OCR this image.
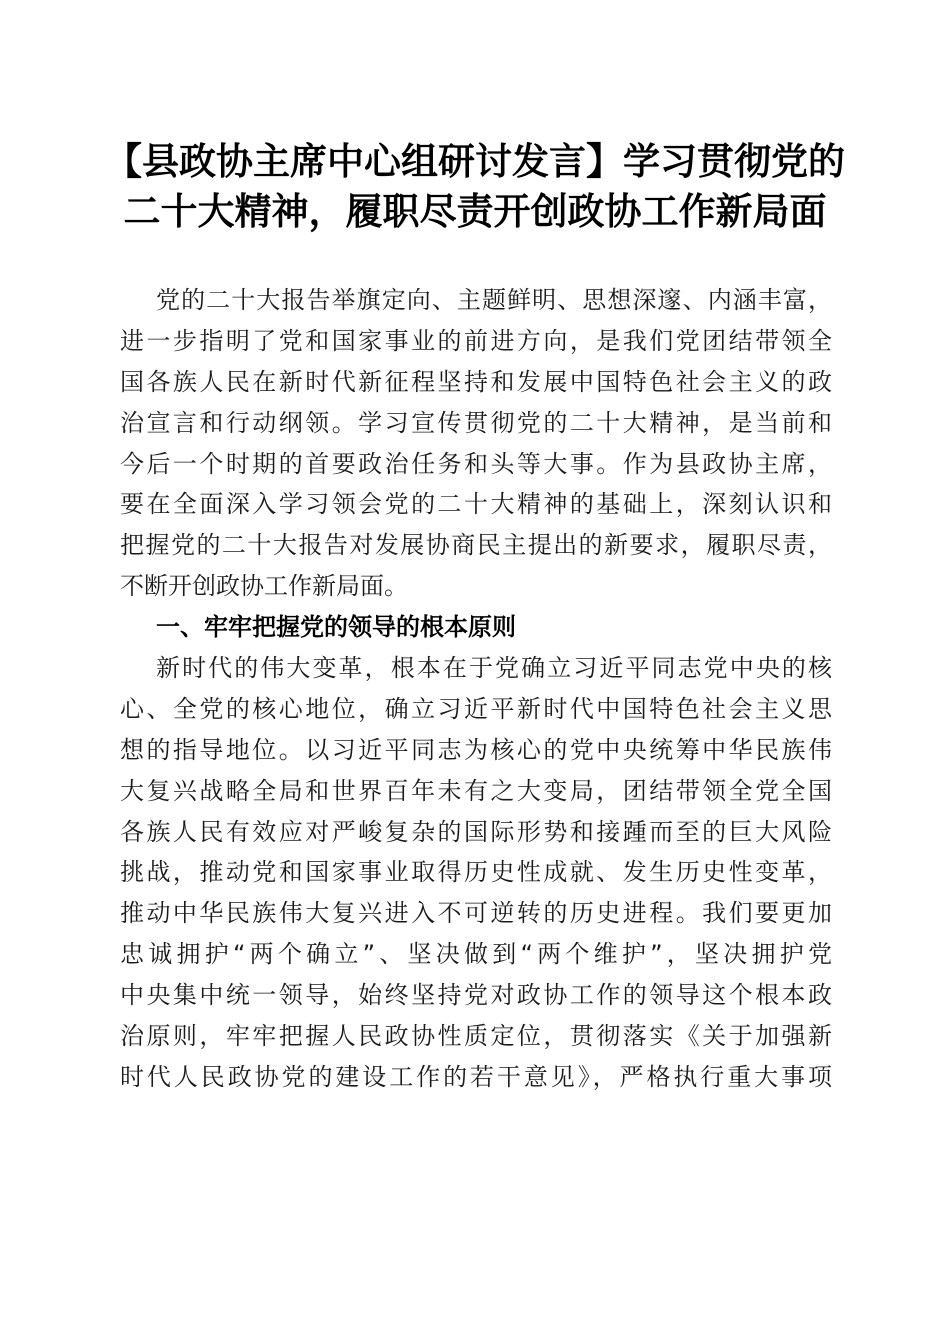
【县政协主席中心组研讨发言】学习贯彻党的
二十大精神，履职尽责开创政协工作新局面
党的二十大报告举旗定向、主题鲜明、思想深邃、内涵丰富，
进一步指明了党和国家事业的前进方向，是我们党团结带领全
国各族人民在新时代新征程坚持和发展中国特色社会主义的政
治宣言和行动纲领。学习宣传贯彻党的二十大精神，是当前和
今后一个时期的首要政治任务和头等大事。作为县政协主席，
要在全面深入学习领会党的二十大精神的基础上，深刻认识和
把握党的二十大报告对发展协商民主提出的新要求，履职尽责，
不断开创政协工作新局面。
一、牢牢把握党的领导的根本原则
新时代的伟大变革，根本在于党确立习近平同志党中央的核
心、全党的核心地位，确立习近平新时代中国特色社会主义思
想的指导地位。以习近平同志为核心的党中央统筹中华民族伟
大复兴战略全局和世界百年未有之大变局，团结带领全党全国
各族人民有效应对严峻复杂的国际形势和接踵而至的巨大风险
挑战，推动党和国家事业取得历史性成就、发生历史性变革，
推动中华民族伟大复兴进入不可逆转的历史进程。我们要更加
忠诚拥护“两个确立”、坚决做到“两个维护”，坚决拥护党
中央集中统一领导，始终坚持党对政协工作的领导这个根本政
治原则，牢牢把握人民政协性质定位，贯彻落实《关于加强新
时代人民政协党的建设工作的若干意见》，严格执行重大事项
